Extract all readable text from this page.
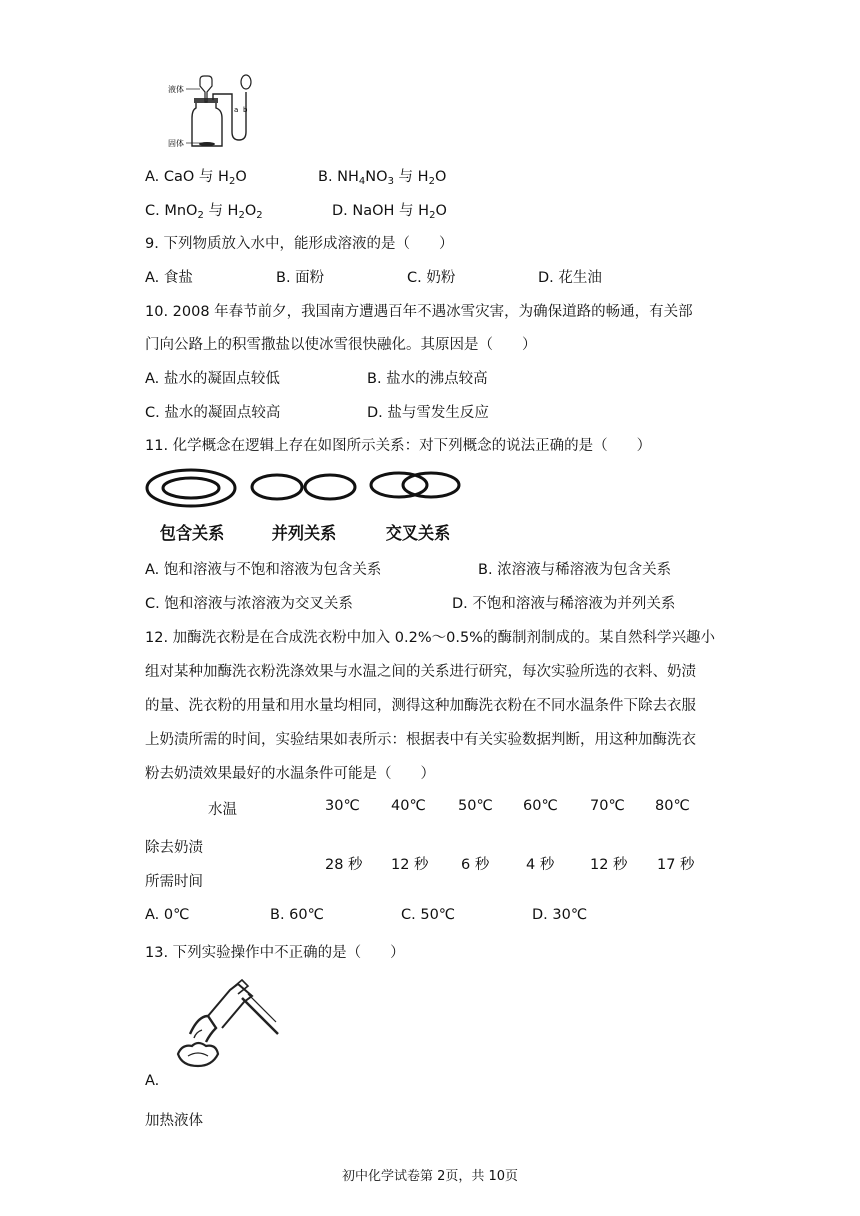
液体
固体
a b
A. CaO 与 $H_2O$	B. $NH_4NO_3$ 与 $H_2O$
C. MnO$_2$ 与 $H_2O_2$	D. NaOH 与 $H_2O$
9. 下列物质放入水中，能形成溶液的是（　　）
A. 食盐	B. 面粉	C. 奶粉	D. 花生油
10. 2008 年春节前夕，我国南方遭遇百年不遇冰雪灾害，为确保道路的畅通，有关部
门向公路上的积雪撒盐以使冰雪很快融化。其原因是（　　）
A. 盐水的凝固点较低	B. 盐水的沸点较高
C. 盐水的凝固点较高	D. 盐与雪发生反应
11. 化学概念在逻辑上存在如图所示关系：对下列概念的说法正确的是（　　）
包含关系	并列关系	交叉关系
A. 饱和溶液与不饱和溶液为包含关系	B. 浓溶液与稀溶液为包含关系
C. 饱和溶液与浓溶液为交叉关系	D. 不饱和溶液与稀溶液为并列关系
12. 加酶洗衣粉是在合成洗衣粉中加入 0.2%～0.5%的酶制剂制成的。某自然科学兴趣小
组对某种加酶洗衣粉洗涤效果与水温之间的关系进行研究，每次实验所选的衣料、奶渍
的量、洗衣粉的用量和用水量均相同，测得这种加酶洗衣粉在不同水温条件下除去衣服
上奶渍所需的时间，实验结果如表所示：根据表中有关实验数据判断，用这种加酶洗衣
粉去奶渍效果最好的水温条件可能是（　　）
水温	30℃ 40℃ 50℃ 60℃ 70℃ 80℃
除去奶渍
所需时间
28 秒 12 秒 6 秒	4 秒 12 秒 17 秒
A. 0℃	B. 60℃	C. 50℃	D. 30℃
13. 下列实验操作中不正确的是（　　）
A.
加热液体
初中化学试卷第 2页，共 10页
